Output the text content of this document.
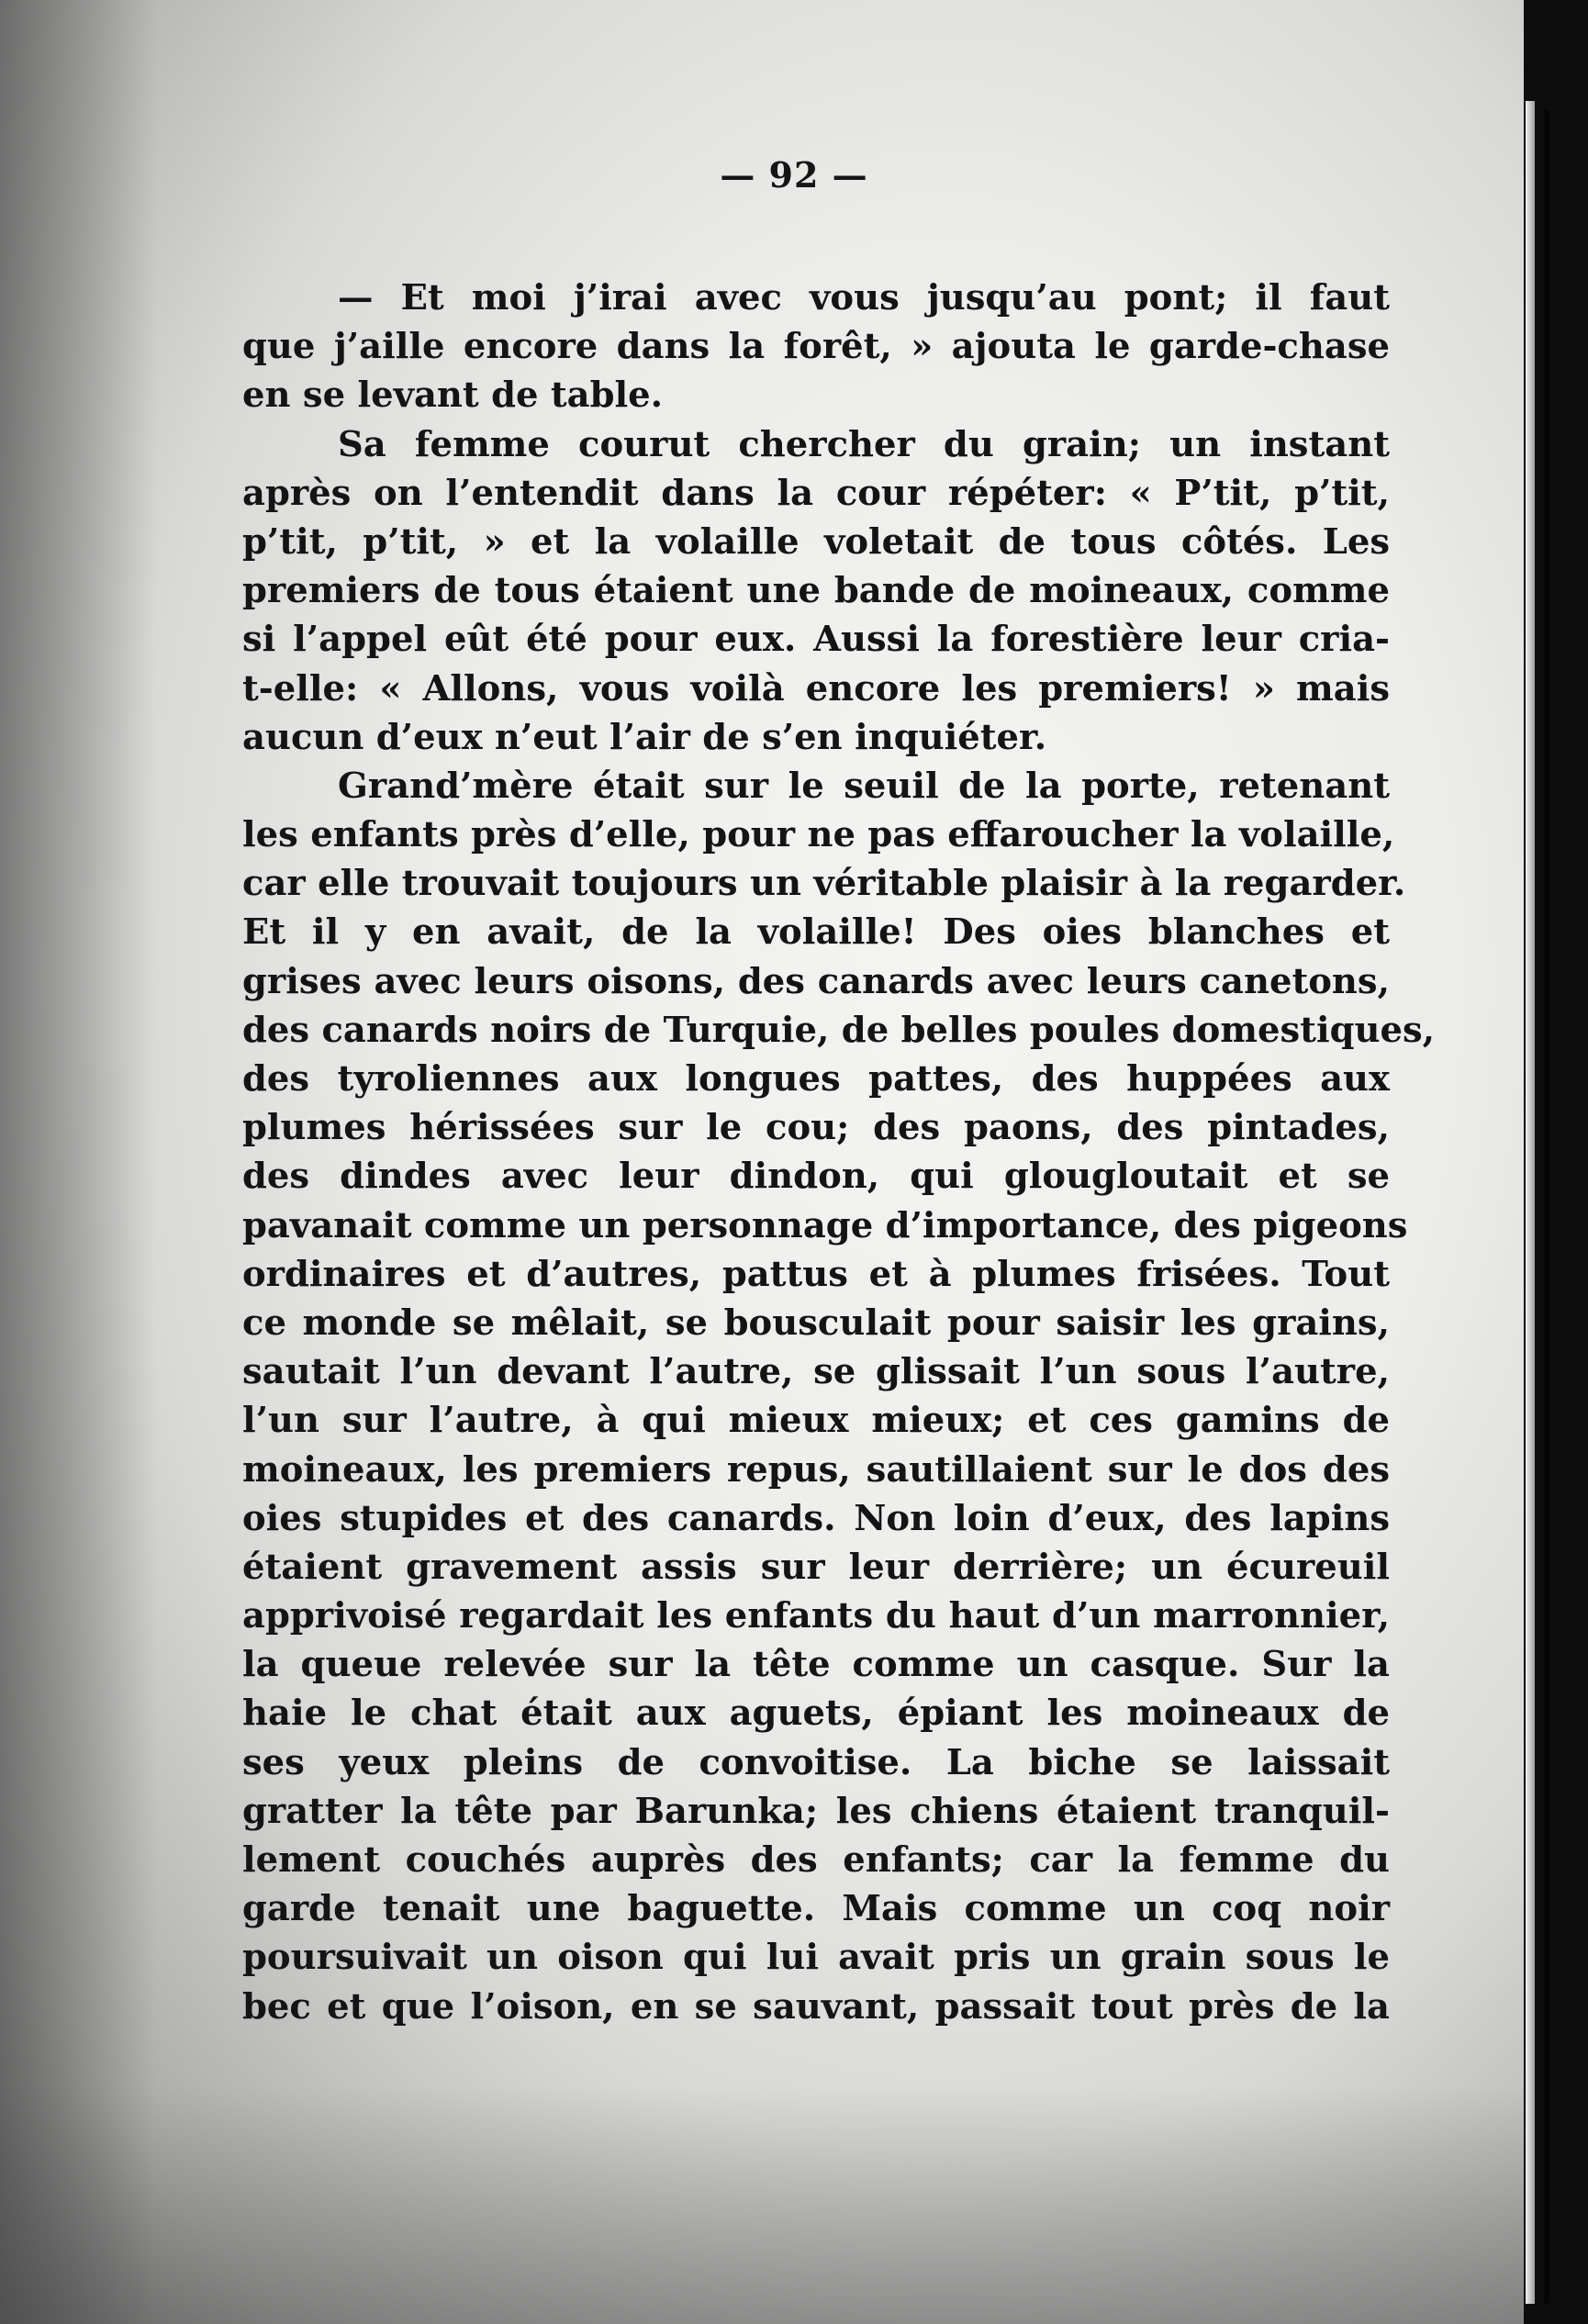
— 92 —
— Et moi j’irai avec vous jusqu’au pont; il faut
que j’aille encore dans la forêt, » ajouta le garde-chase
en se levant de table.
Sa femme courut chercher du grain; un instant
après on l’entendit dans la cour répéter: « P’tit, p’tit,
p’tit, p’tit, » et la volaille voletait de tous côtés. Les
premiers de tous étaient une bande de moineaux, comme
si l’appel eût été pour eux. Aussi la forestière leur cria-
t-elle: « Allons, vous voilà encore les premiers! » mais
aucun d’eux n’eut l’air de s’en inquiéter.
Grand’mère était sur le seuil de la porte, retenant
les enfants près d’elle, pour ne pas effaroucher la volaille,
car elle trouvait toujours un véritable plaisir à la regarder.
Et il y en avait, de la volaille! Des oies blanches et
grises avec leurs oisons, des canards avec leurs canetons,
des canards noirs de Turquie, de belles poules domestiques,
des tyroliennes aux longues pattes, des huppées aux
plumes hérissées sur le cou; des paons, des pintades,
des dindes avec leur dindon, qui glougloutait et se
pavanait comme un personnage d’importance, des pigeons
ordinaires et d’autres, pattus et à plumes frisées. Tout
ce monde se mêlait, se bousculait pour saisir les grains,
sautait l’un devant l’autre, se glissait l’un sous l’autre,
l’un sur l’autre, à qui mieux mieux; et ces gamins de
moineaux, les premiers repus, sautillaient sur le dos des
oies stupides et des canards. Non loin d’eux, des lapins
étaient gravement assis sur leur derrière; un écureuil
apprivoisé regardait les enfants du haut d’un marronnier,
la queue relevée sur la tête comme un casque. Sur la
haie le chat était aux aguets, épiant les moineaux de
ses yeux pleins de convoitise. La biche se laissait
gratter la tête par Barunka; les chiens étaient tranquil-
lement couchés auprès des enfants; car la femme du
garde tenait une baguette. Mais comme un coq noir
poursuivait un oison qui lui avait pris un grain sous le
bec et que l’oison, en se sauvant, passait tout près de la
